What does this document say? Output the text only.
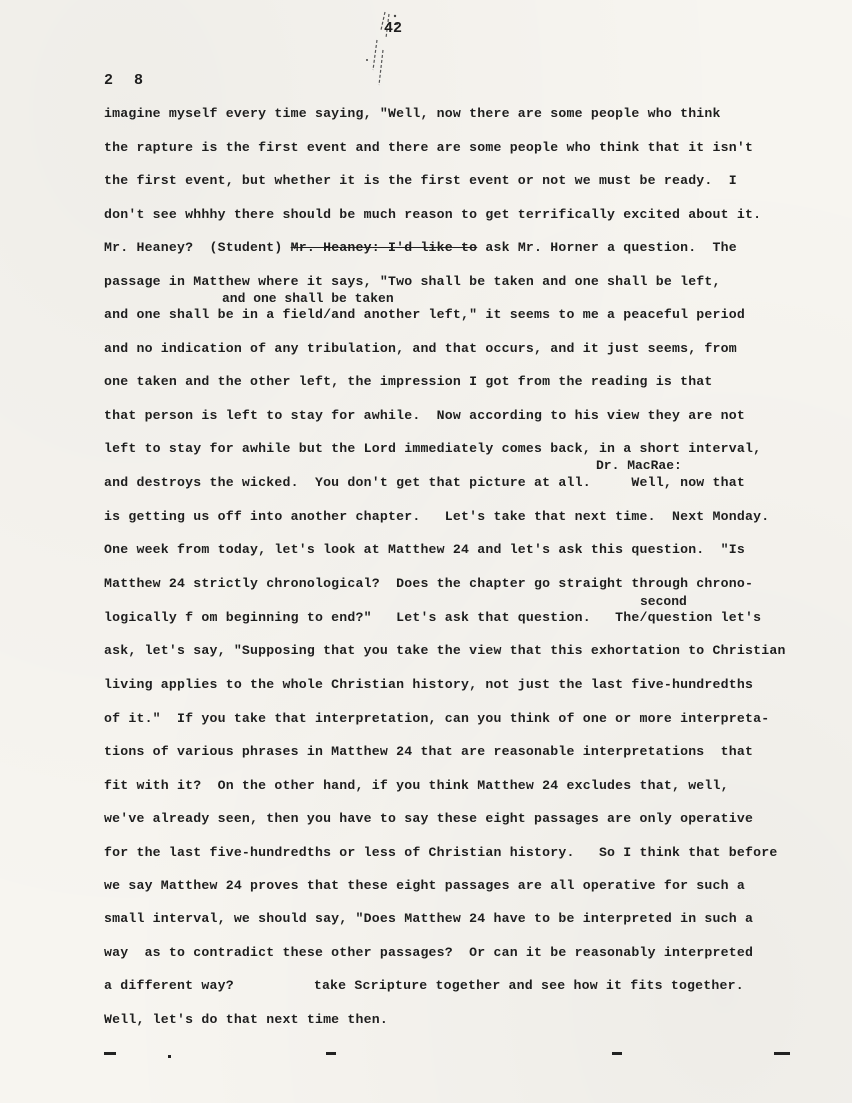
42
2 8
imagine myself every time saying, "Well, now there are some people who think
the rapture is the first event and there are some people who think that it isn't
the first event, but whether it is the first event or not we must be ready.  I
don't see whhhy there should be much reason to get terrifically excited about it.
Mr. Heaney?  (Student) Mr. Heaney: I'd like to ask Mr. Horner a question.  The
passage in Matthew where it says, "Two shall be taken and one shall be left,
and one shall be taken
and one shall be in a field/and another left," it seems to me a peaceful period
and no indication of any tribulation, and that occurs, and it just seems, from
one taken and the other left, the impression I got from the reading is that
that person is left to stay for awhile.  Now according to his view they are not
left to stay for awhile but the Lord immediately comes back, in a short interval,
Dr. MacRae:
and destroys the wicked.  You don't get that picture at all.     Well, now that
is getting us off into another chapter.   Let's take that next time.  Next Monday.
One week from today, let's look at Matthew 24 and let's ask this question.  "Is
Matthew 24 strictly chronological?  Does the chapter go straight through chrono-
second
logically f om beginning to end?"   Let's ask that question.   The/question let's
ask, let's say, "Supposing that you take the view that this exhortation to Christian
living applies to the whole Christian history, not just the last five-hundredths
of it."  If you take that interpretation, can you think of one or more interpreta-
tions of various phrases in Matthew 24 that are reasonable interpretations  that
fit with it?  On the other hand, if you think Matthew 24 excludes that, well,
we've already seen, then you have to say these eight passages are only operative
for the last five-hundredths or less of Christian history.   So I think that before
we say Matthew 24 proves that these eight passages are all operative for such a
small interval, we should say, "Does Matthew 24 have to be interpreted in such a
way  as to contradict these other passages?  Or can it be reasonably interpreted
a different way?	take Scripture together and see how it fits together.
Well, let's do that next time then.
